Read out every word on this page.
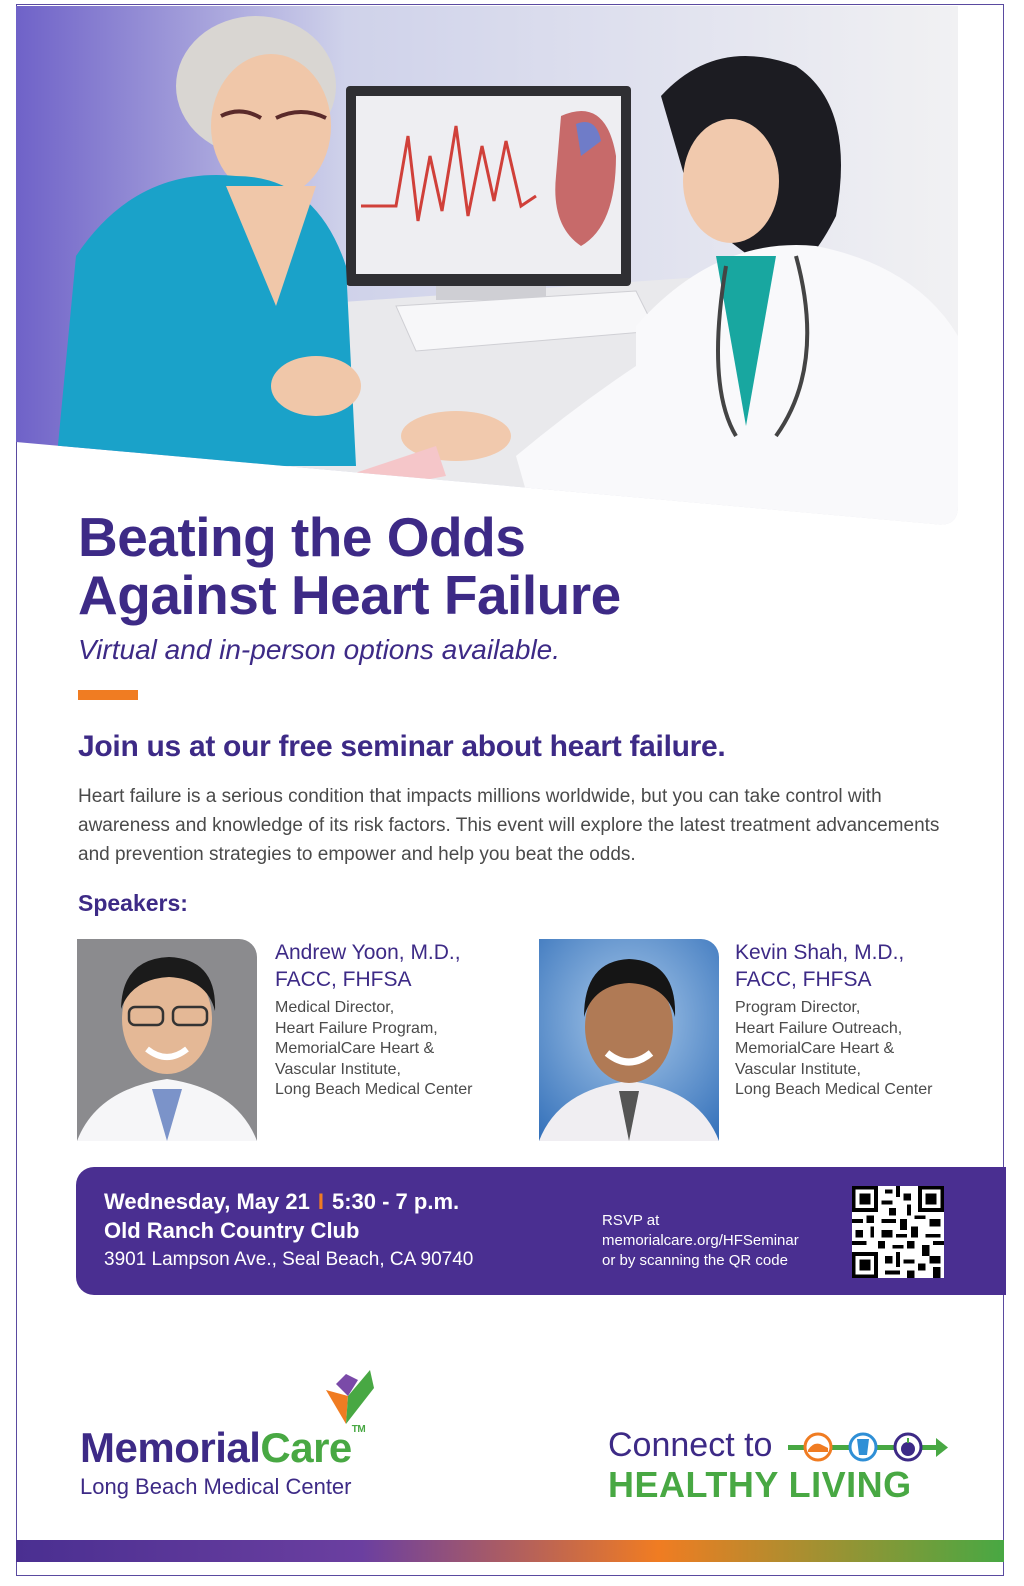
Beating the Odds
Against Heart Failure
Virtual and in-person options available.
Join us at our free seminar about heart failure.
Heart failure is a serious condition that impacts millions worldwide, but you can take control with awareness and knowledge of its risk factors. This event will explore the latest treatment advancements and prevention strategies to empower and help you beat the odds.
Speakers:
Andrew Yoon, M.D.,
FACC, FHFSA
Medical Director,
Heart Failure Program,
MemorialCare Heart &
Vascular Institute,
Long Beach Medical Center
Kevin Shah, M.D.,
FACC, FHFSA
Program Director,
Heart Failure Outreach,
MemorialCare Heart &
Vascular Institute,
Long Beach Medical Center
Wednesday, May 21 I 5:30 - 7 p.m.
Old Ranch Country Club
3901 Lampson Ave., Seal Beach, CA 90740
RSVP at
memorialcare.org/HFSeminar
or by scanning the QR code
MemorialCare™
Long Beach Medical Center
Connect to
HEALTHY LIVING
